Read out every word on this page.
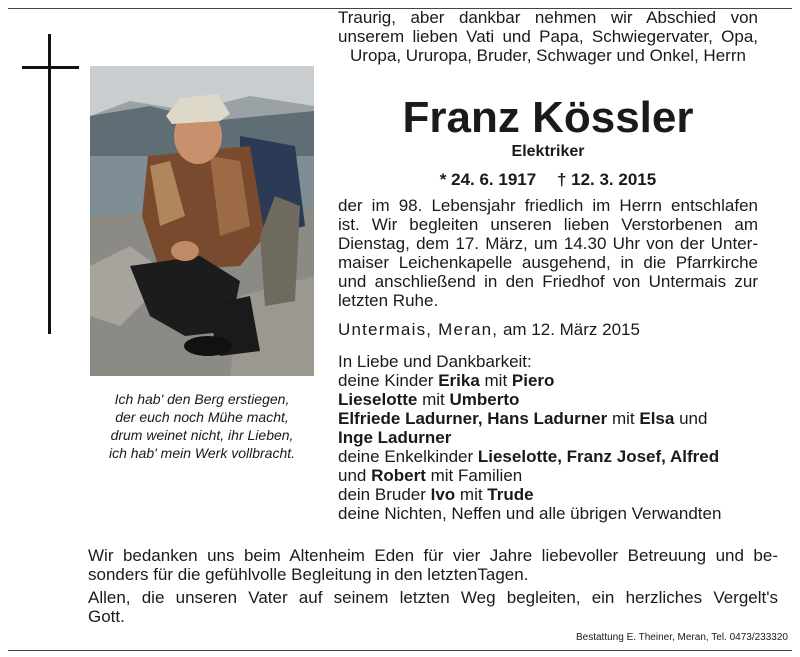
Ich hab' den Berg erstiegen,
der euch noch Mühe macht,
drum weinet nicht, ihr Lieben,
ich hab' mein Werk vollbracht.
Traurig, aber dankbar nehmen wir Abschied von
unserem lieben Vati und Papa, Schwiegervater, Opa,
Uropa, Ururopa, Bruder, Schwager und Onkel, Herrn
Franz Kössler
Elektriker
* 24. 6. 1917 † 12. 3. 2015
der im 98. Lebensjahr friedlich im Herrn entschlafen
ist. Wir begleiten unseren lieben Verstorbenen am
Dienstag, dem 17. März, um 14.30 Uhr von der Unter-
maiser Leichenkapelle ausgehend, in die Pfarrkirche
und anschließend in den Friedhof von Untermais zur
letzten Ruhe.
Untermais, Meran, am 12. März 2015
In Liebe und Dankbarkeit:
deine Kinder Erika mit Piero
Lieselotte mit Umberto
Elfriede Ladurner, Hans Ladurner mit Elsa und
Inge Ladurner
deine Enkelkinder Lieselotte, Franz Josef, Alfred
und Robert mit Familien
dein Bruder Ivo mit Trude
deine Nichten, Neffen und alle übrigen Verwandten

Wir bedanken uns beim Altenheim Eden für vier Jahre liebevoller Betreuung und be-
sonders für die gefühlvolle Begleitung in den letztenTagen.

Allen, die unseren Vater auf seinem letzten Weg begleiten, ein herzliches Vergelt's
Gott.

Bestattung E. Theiner, Meran, Tel. 0473/233320
